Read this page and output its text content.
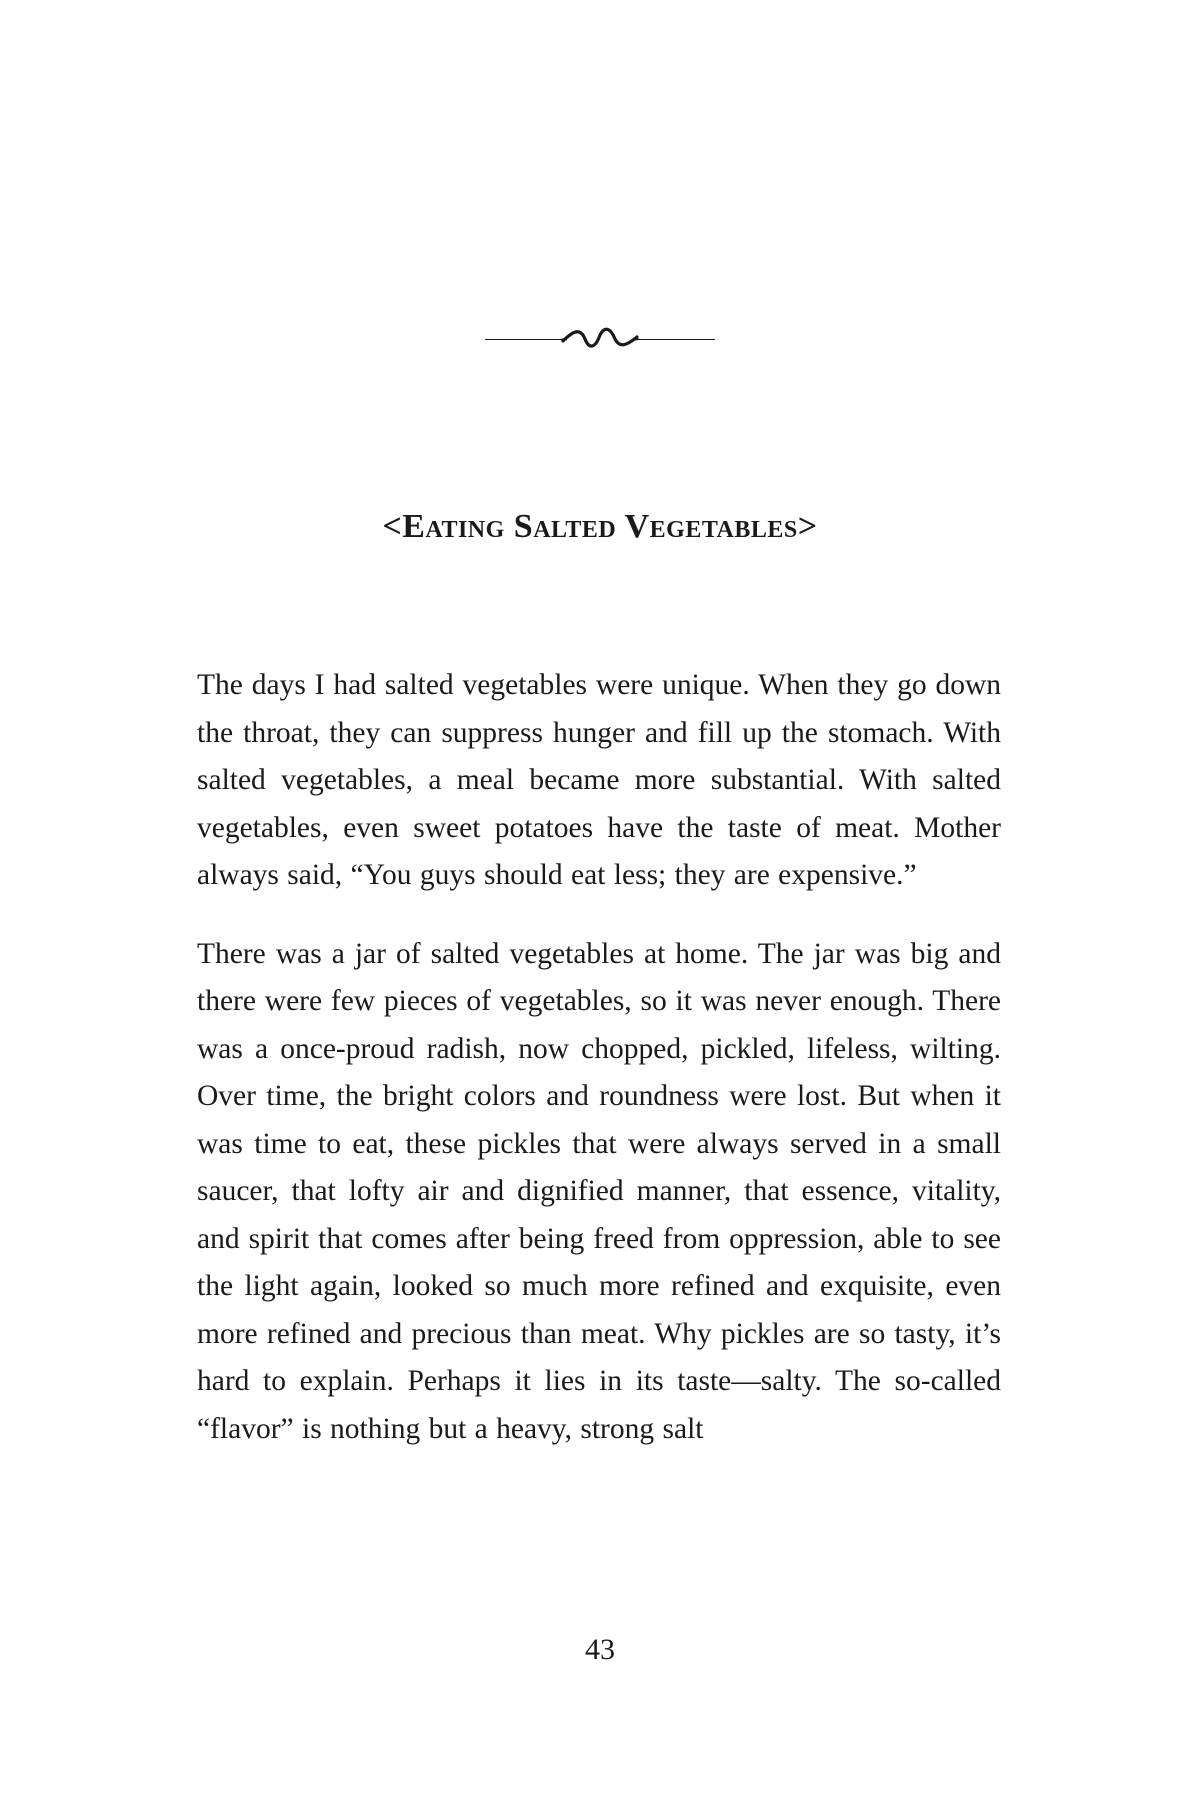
<Eating Salted Vegetables>

The days I had salted vegetables were unique. When they go down the throat, they can suppress hunger and fill up the stomach. With salted vegetables, a meal became more substantial. With salted vegetables, even sweet potatoes have the taste of meat. Mother always said, “You guys should eat less; they are expensive.”

There was a jar of salted vegetables at home. The jar was big and there were few pieces of vegetables, so it was never enough. There was a once-proud radish, now chopped, pickled, lifeless, wilting. Over time, the bright colors and roundness were lost. But when it was time to eat, these pickles that were always served in a small saucer, that lofty air and dignified manner, that essence, vitality, and spirit that comes after being freed from oppression, able to see the light again, looked so much more refined and exquisite, even more refined and precious than meat. Why pickles are so tasty, it’s hard to explain. Perhaps it lies in its taste—salty. The so-called “flavor” is nothing but a heavy, strong salt

43
